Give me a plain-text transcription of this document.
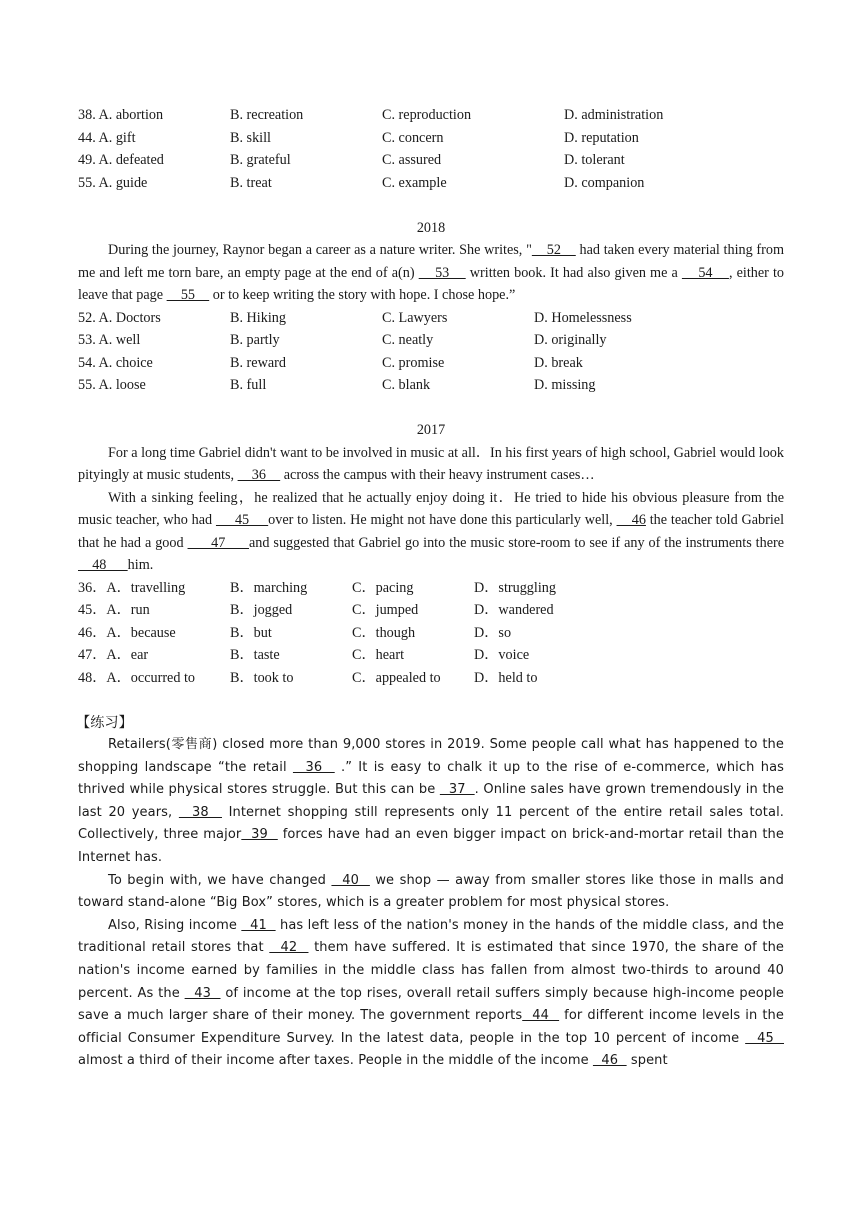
38. A. abortion	B. recreation	C. reproduction	D. administration
44. A. gift	B. skill	C. concern	D. reputation
49. A. defeated	B. grateful	C. assured	D. tolerant
55. A. guide	B. treat	C. example	D. companion
2018

During the journey, Raynor began a career as a nature writer. She writes, "    52     had taken every material thing from me and left me torn bare, an empty page at the end of a(n)     53     written book. It had also given me a     54    , either to leave that page     55     or to keep writing the story with hope. I chose hope.”

52. A. Doctors	B. Hiking	C. Lawyers	D. Homelessness
53. A. well	B. partly	C. neatly	D. originally
54. A. choice	B. reward	C. promise	D. break
55. A. loose	B. full	C. blank	D. missing
2017

For a long time Gabriel didn't want to be involved in music at all．In his first years of high school, Gabriel would look pityingly at music students,     36     across the campus with their heavy instrument cases…

With a sinking feeling，he realized that he actually enjoy doing it．He tried to hide his obvious pleasure from the music teacher, who had      45     over to listen. He might not have done this particularly well,     46 the teacher told Gabriel that he had a good       47      and suggested that Gabriel go into the music store-room to see if any of the instruments there     48      him.

36．A．travelling	B．marching	C．pacing	D．struggling
45．A．run	B．jogged	C．jumped	D．wandered
46．A．because	B．but	C．though	D．so
47．A．ear	B．taste	C．heart	D．voice
48．A．occurred to	B．took to	C．appealed to	D．held to
【练习】

Retailers(零售商) closed more than 9,000 stores in 2019. Some people call what has happened to the shopping landscape “the retail   36   .” It is easy to chalk it up to the rise of e-commerce, which has thrived while physical stores struggle. But this can be   37  . Online sales have grown tremendously in the last 20 years,   38   Internet shopping still represents only 11 percent of the entire retail sales total. Collectively, three major  39   forces have had an even bigger impact on brick-and-mortar retail than the Internet has.

To begin with, we have changed   40   we shop — away from smaller stores like those in malls and toward stand-alone “Big Box” stores, which is a greater problem for most physical stores.

Also, Rising income   41   has left less of the nation's money in the hands of the middle class, and the traditional retail stores that   42   them have suffered. It is estimated that since 1970, the share of the nation's income earned by families in the middle class has fallen from almost two-thirds to around 40 percent. As the   43   of income at the top rises, overall retail suffers simply because high-income people save a much larger share of their money. The government reports  44   for different income levels in the official Consumer Expenditure Survey. In the latest data, people in the top 10 percent of income   45   almost a third of their income after taxes. People in the middle of the income   46   spent
